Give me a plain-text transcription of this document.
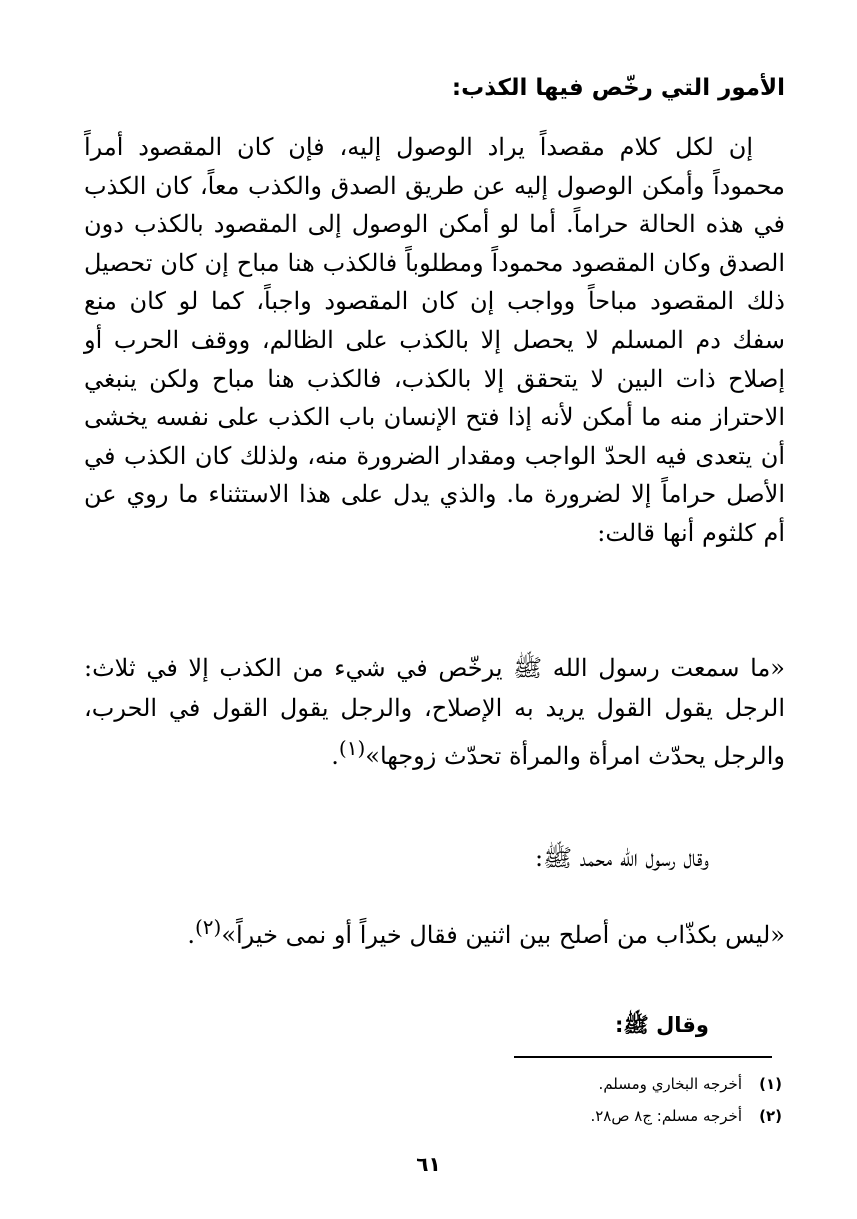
الأمور التي رخّص فيها الكذب:

إن لكل كلام مقصداً يراد الوصول إليه، فإن كان المقصود أمراً محموداً وأمكن الوصول إليه عن طريق الصدق والكذب معاً، كان الكذب في هذه الحالة حراماً. أما لو أمكن الوصول إلى المقصود بالكذب دون الصدق وكان المقصود محموداً ومطلوباً فالكذب هنا مباح إن كان تحصيل ذلك المقصود مباحاً وواجب إن كان المقصود واجباً، كما لو كان منع سفك دم المسلم لا يحصل إلا بالكذب على الظالم، ووقف الحرب أو إصلاح ذات البين لا يتحقق إلا بالكذب، فالكذب هنا مباح ولكن ينبغي الاحتراز منه ما أمكن لأنه إذا فتح الإنسان باب الكذب على نفسه يخشى أن يتعدى فيه الحدّ الواجب ومقدار الضرورة منه، ولذلك كان الكذب في الأصل حراماً إلا لضرورة ما. والذي يدل على هذا الاستثناء ما روي عن أم كلثوم أنها قالت:

«ما سمعت رسول الله ﷺ يرخّص في شيء من الكذب إلا في ثلاث: الرجل يقول القول يريد به الإصلاح، والرجل يقول القول في الحرب، والرجل يحدّث امرأة والمرأة تحدّث زوجها»$^{(١)}$.

وقال رسول الله محمد ﷺ:

«ليس بكذّاب من أصلح بين اثنين فقال خيراً أو نمى خيراً»$^{(٢)}$.

وقال ﷺ:

(١)أخرجه البخاري ومسلم.
(٢)أخرجه مسلم: ج٨ ص٢٨.
٦١
